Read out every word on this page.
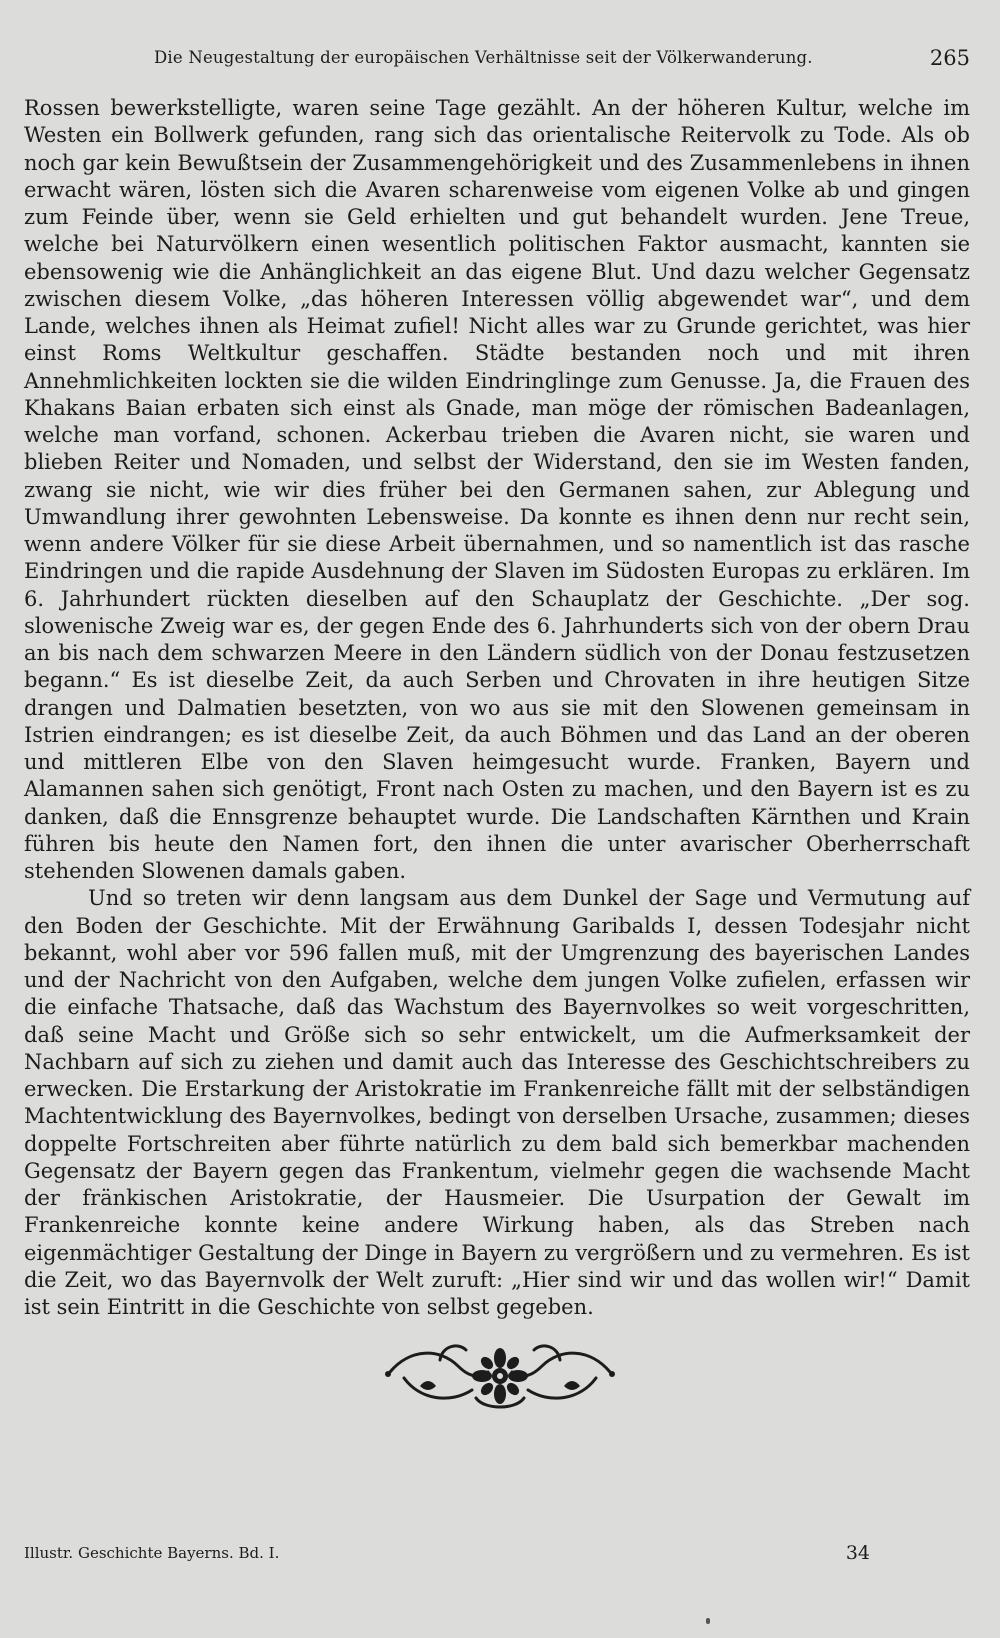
Die Neugestaltung der europäischen Verhältnisse seit der Völkerwanderung.	265

Rossen bewerkstelligte, waren seine Tage gezählt. An der höheren Kultur, welche im Westen ein Bollwerk gefunden, rang sich das orientalische Reitervolk zu Tode. Als ob noch gar kein Bewußtsein der Zusammengehörigkeit und des Zusammenlebens in ihnen erwacht wären, lösten sich die Avaren scharenweise vom eigenen Volke ab und gingen zum Feinde über, wenn sie Geld erhielten und gut behandelt wurden. Jene Treue, welche bei Naturvölkern einen wesentlich politischen Faktor ausmacht, kannten sie ebensowenig wie die Anhänglichkeit an das eigene Blut. Und dazu welcher Gegensatz zwischen diesem Volke, „das höheren Interessen völlig abgewendet war“, und dem Lande, welches ihnen als Heimat zufiel! Nicht alles war zu Grunde gerichtet, was hier einst Roms Weltkultur geschaffen. Städte bestanden noch und mit ihren Annehmlichkeiten lockten sie die wilden Eindringlinge zum Genusse. Ja, die Frauen des Khakans Baian erbaten sich einst als Gnade, man möge der römischen Badeanlagen, welche man vorfand, schonen. Ackerbau trieben die Avaren nicht, sie waren und blieben Reiter und Nomaden, und selbst der Widerstand, den sie im Westen fanden, zwang sie nicht, wie wir dies früher bei den Germanen sahen, zur Ablegung und Umwandlung ihrer gewohnten Lebensweise. Da konnte es ihnen denn nur recht sein, wenn andere Völker für sie diese Arbeit übernahmen, und so namentlich ist das rasche Eindringen und die rapide Ausdehnung der Slaven im Südosten Europas zu erklären. Im 6. Jahrhundert rückten dieselben auf den Schauplatz der Geschichte. „Der sog. slowenische Zweig war es, der gegen Ende des 6. Jahrhunderts sich von der obern Drau an bis nach dem schwarzen Meere in den Ländern südlich von der Donau festzusetzen begann.“ Es ist dieselbe Zeit, da auch Serben und Chrovaten in ihre heutigen Sitze drangen und Dalmatien besetzten, von wo aus sie mit den Slowenen gemeinsam in Istrien eindrangen; es ist dieselbe Zeit, da auch Böhmen und das Land an der oberen und mittleren Elbe von den Slaven heimgesucht wurde. Franken, Bayern und Alamannen sahen sich genötigt, Front nach Osten zu machen, und den Bayern ist es zu danken, daß die Ennsgrenze behauptet wurde. Die Landschaften Kärnthen und Krain führen bis heute den Namen fort, den ihnen die unter avarischer Oberherrschaft stehenden Slowenen damals gaben.

Und so treten wir denn langsam aus dem Dunkel der Sage und Vermutung auf den Boden der Geschichte. Mit der Erwähnung Garibalds I, dessen Todesjahr nicht bekannt, wohl aber vor 596 fallen muß, mit der Umgrenzung des bayerischen Landes und der Nachricht von den Aufgaben, welche dem jungen Volke zufielen, erfassen wir die einfache Thatsache, daß das Wachstum des Bayernvolkes so weit vorgeschritten, daß seine Macht und Größe sich so sehr entwickelt, um die Aufmerksamkeit der Nachbarn auf sich zu ziehen und damit auch das Interesse des Geschichtschreibers zu erwecken. Die Erstarkung der Aristokratie im Frankenreiche fällt mit der selbständigen Machtentwicklung des Bayernvolkes, bedingt von derselben Ursache, zusammen; dieses doppelte Fortschreiten aber führte natürlich zu dem bald sich bemerkbar machenden Gegensatz der Bayern gegen das Frankentum, vielmehr gegen die wachsende Macht der fränkischen Aristokratie, der Hausmeier. Die Usurpation der Gewalt im Frankenreiche konnte keine andere Wirkung haben, als das Streben nach eigenmächtiger Gestaltung der Dinge in Bayern zu vergrößern und zu vermehren. Es ist die Zeit, wo das Bayernvolk der Welt zuruft: „Hier sind wir und das wollen wir!“ Damit ist sein Eintritt in die Geschichte von selbst gegeben.

Illustr. Geschichte Bayerns. Bd. I.	34
